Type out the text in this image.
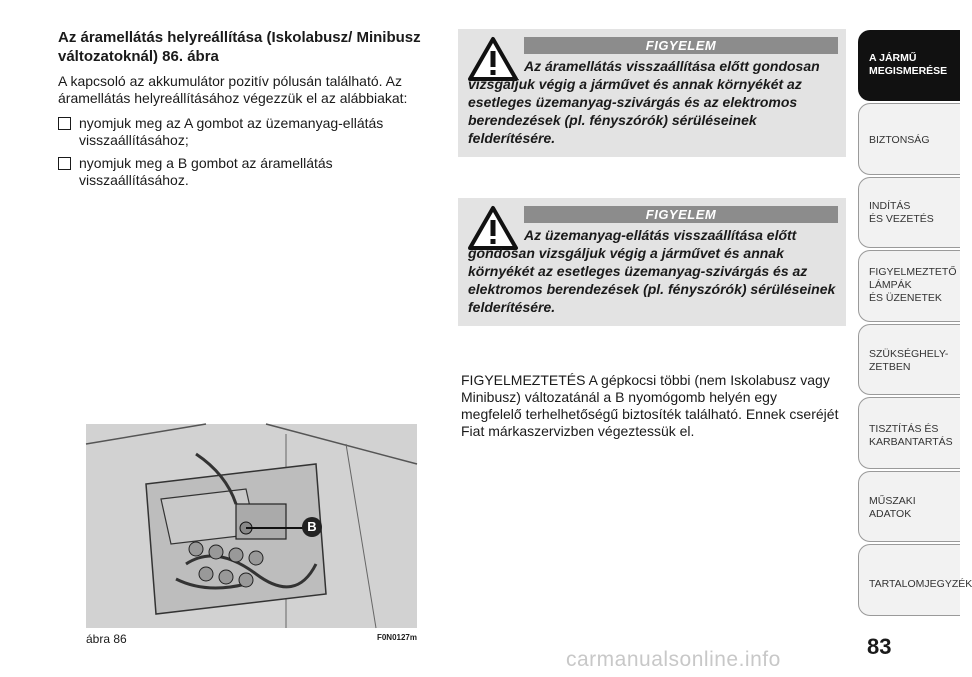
Az áramellátás helyreállítása (Iskolabusz/ Minibusz változatoknál) 86. ábra
A kapcsoló az akkumulátor pozitív pólusán található. Az áramellátás helyreállításához végezzük el az alábbiakat:
nyomjuk meg az A gombot az üzemanyag-ellátás visszaállításához;
nyomjuk meg a B gombot az áramellátás visszaállításához.
FIGYELEM
Az áramellátás visszaállítása előtt gondosan vizsgáljuk végig a járművet és annak környékét az esetleges üzemanyag-szivárgás és az elektromos berendezések (pl. fényszórók) sérüléseinek felderítésére.
FIGYELEM
Az üzemanyag-ellátás visszaállítása előtt gondosan vizsgáljuk végig a járművet és annak környékét az esetleges üzemanyag-szivárgás és az elektromos berendezések (pl. fényszórók) sérüléseinek felderítésére.
FIGYELMEZTETÉS A gépkocsi többi (nem Iskolabusz vagy Minibusz) változatánál a B nyomógomb helyén egy megfelelő terhelhetőségű biztosíték található. Ennek cseréjét Fiat márkaszervizben végeztessük el.
B
ábra 86	F0N0127m
A JÁRMŰ
MEGISMERÉSE
BIZTONSÁG
INDÍTÁS
ÉS VEZETÉS
FIGYELMEZTETŐ
LÁMPÁK
ÉS ÜZENETEK
SZÜKSÉGHELY-
ZETBEN
TISZTÍTÁS ÉS
KARBANTARTÁS
MŰSZAKI
ADATOK
TARTALOMJEGYZÉK
83
carmanualsonline.info
